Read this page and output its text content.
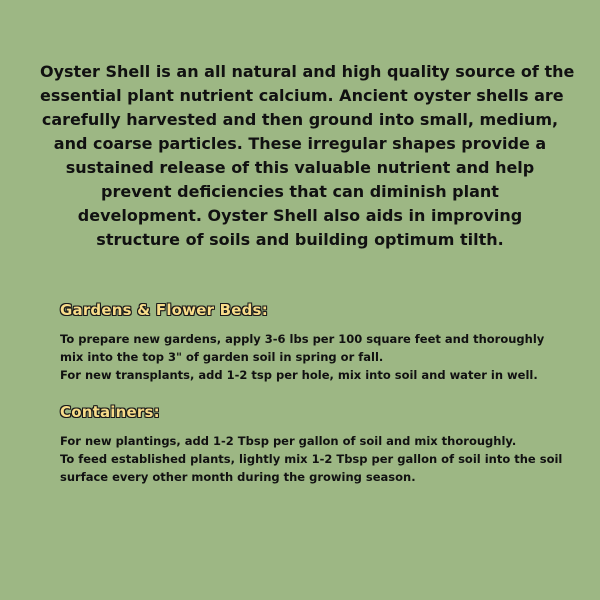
Oyster Shell is an all natural and high quality source of the
essential plant nutrient calcium. Ancient oyster shells are
carefully harvested and then ground into small, medium,
and coarse particles. These irregular shapes provide a
sustained release of this valuable nutrient and help
prevent deficiencies that can diminish plant
development. Oyster Shell also aids in improving
structure of soils and building optimum tilth.
Gardens & Flower Beds:
To prepare new gardens, apply 3-6 lbs per 100 square feet and thoroughly
mix into the top 3" of garden soil in spring or fall.
For new transplants, add 1-2 tsp per hole, mix into soil and water in well.
Containers:
For new plantings, add 1-2 Tbsp per gallon of soil and mix thoroughly.
To feed established plants, lightly mix 1-2 Tbsp per gallon of soil into the soil
surface every other month during the growing season.
